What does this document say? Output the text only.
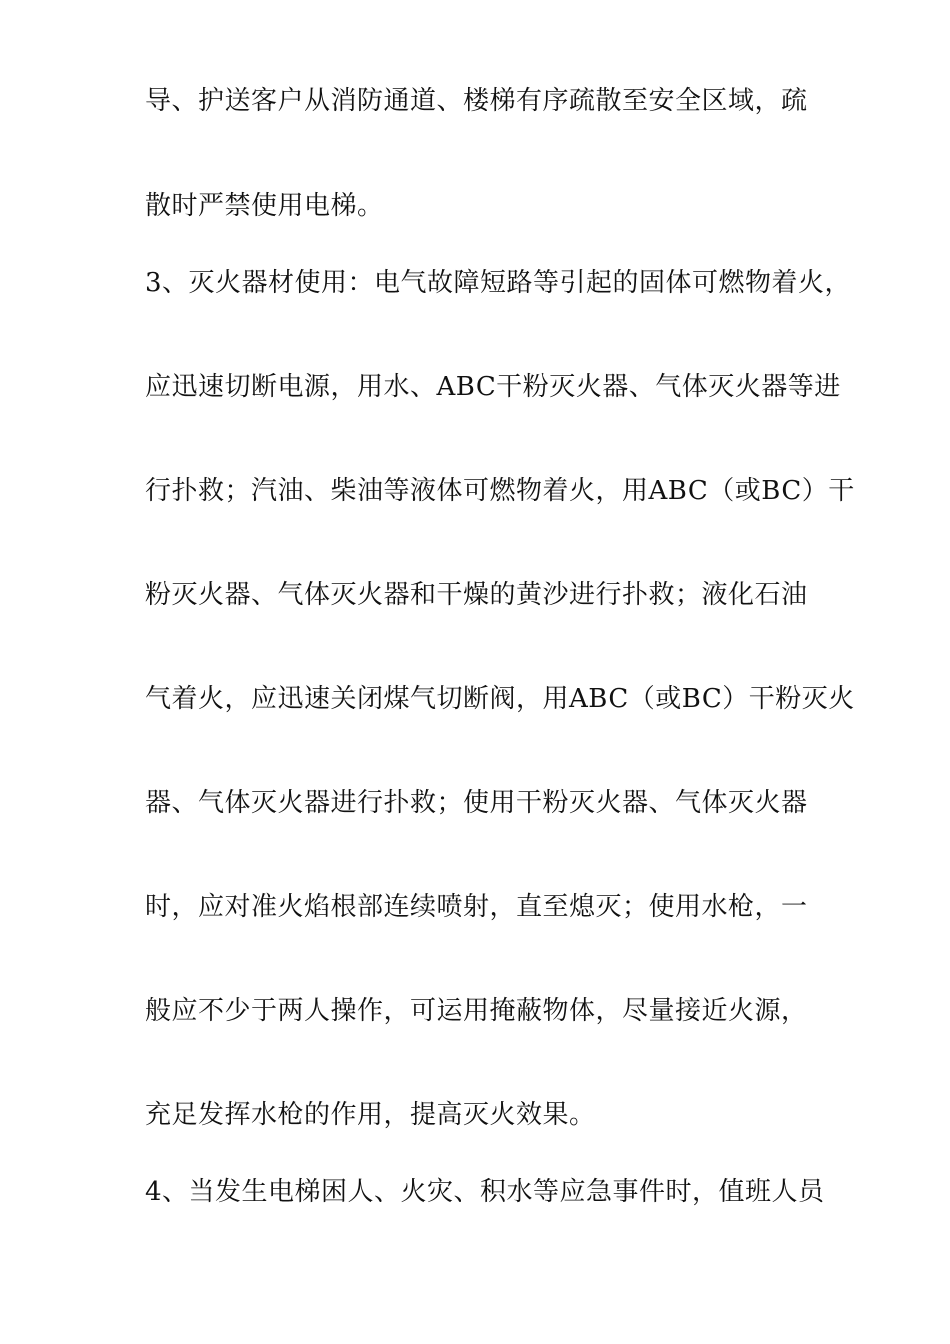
导、护送客户从消防通道、楼梯有序疏散至安全区域，疏
散时严禁使用电梯。
3、灭火器材使用：电气故障短路等引起的固体可燃物着火，
应迅速切断电源，用水、ABC干粉灭火器、气体灭火器等进
行扑救；汽油、柴油等液体可燃物着火，用ABC（或BC）干
粉灭火器、气体灭火器和干燥的黄沙进行扑救；液化石油
气着火，应迅速关闭煤气切断阀，用ABC（或BC）干粉灭火
器、气体灭火器进行扑救；使用干粉灭火器、气体灭火器
时，应对准火焰根部连续喷射，直至熄灭；使用水枪，一
般应不少于两人操作，可运用掩蔽物体，尽量接近火源，
充足发挥水枪的作用，提高灭火效果。
4、当发生电梯困人、火灾、积水等应急事件时，值班人员
